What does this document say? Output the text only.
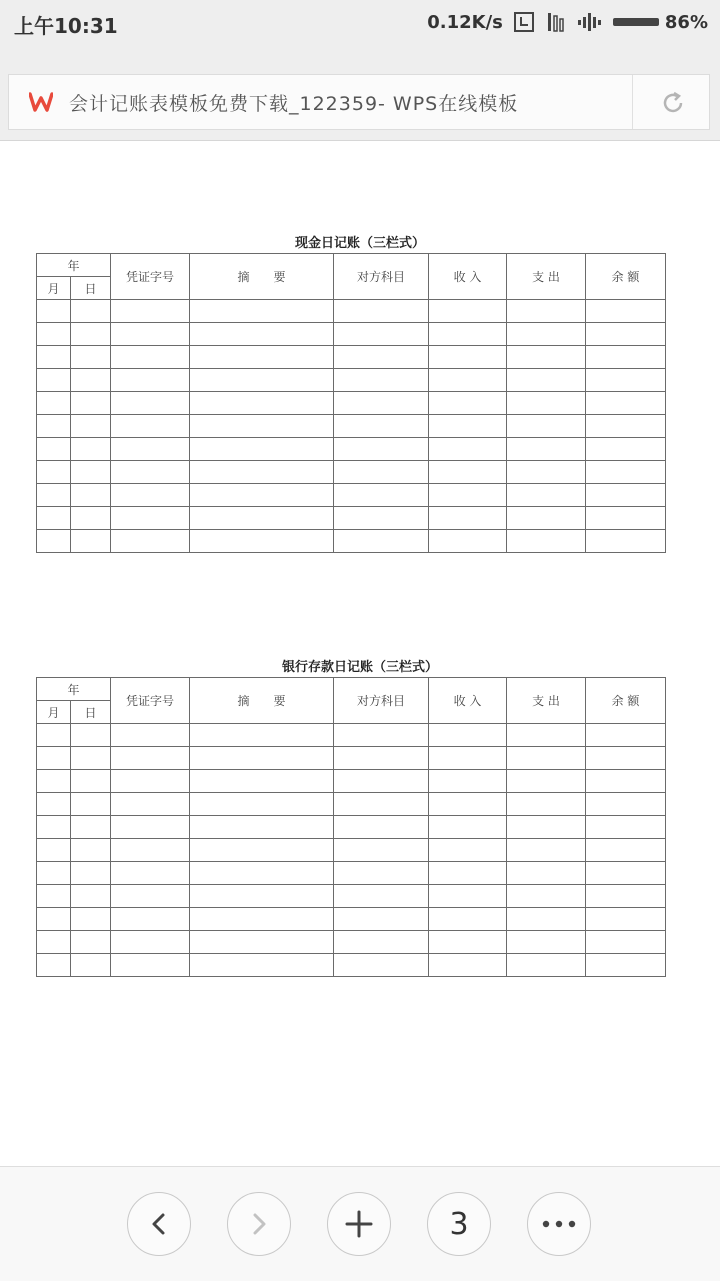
上午10:31	0.12K/s	86%
会计记账表模板免费下载_122359- WPS在线模板
现金日记账（三栏式）
年		凭证字号	摘　　要	对方科目	收 入	支 出	余 额
月	日						

银行存款日记账（三栏式）
年		凭证字号	摘　　要	对方科目	收 入	支 出	余 额
月	日						

3
